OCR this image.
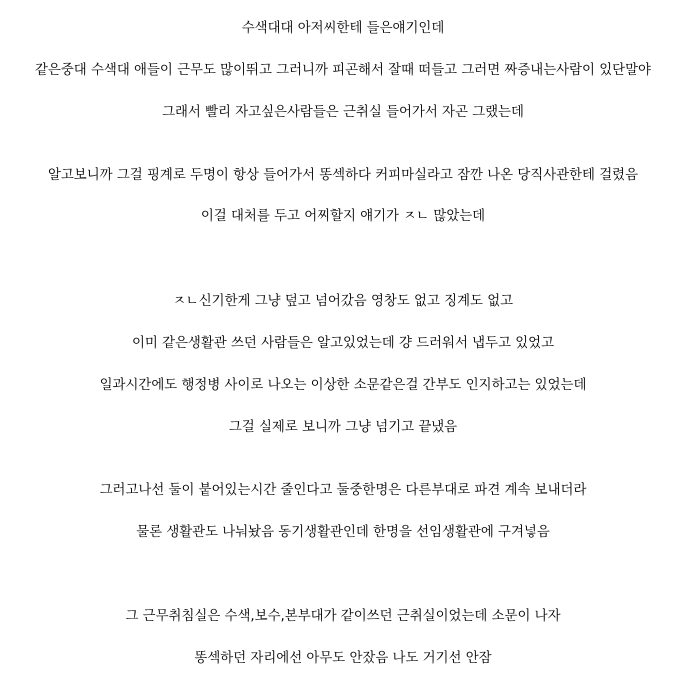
수색대대 아저씨한테 들은얘기인데
같은중대 수색대 애들이 근무도 많이뛰고 그러니까 피곤해서 잘때 떠들고 그러면 짜증내는사람이 있단말야
그래서 빨리 자고싶은사람들은 근취실 들어가서 자곤 그랬는데
알고보니까 그걸 핑계로 두명이 항상 들어가서 똥섹하다 커피마실라고 잠깐 나온 당직사관한테 걸렸음
이걸 대처를 두고 어찌할지 얘기가 ㅈㄴ 많았는데
ㅈㄴ신기한게 그냥 덮고 넘어갔음 영창도 없고 징계도 없고
이미 같은생활관 쓰던 사람들은 알고있었는데 걍 드러워서 냅두고 있었고
일과시간에도 행정병 사이로 나오는 이상한 소문같은걸 간부도 인지하고는 있었는데
그걸 실제로 보니까 그냥 넘기고 끝냈음
그러고나선 둘이 붙어있는시간 줄인다고 둘중한명은 다른부대로 파견 계속 보내더라
물론 생활관도 나눠놨음 동기생활관인데 한명을 선임생활관에 구겨넣음
그 근무취침실은 수색,보수,본부대가 같이쓰던 근취실이었는데 소문이 나자
똥섹하던 자리에선 아무도 안잤음 나도 거기선 안잠
